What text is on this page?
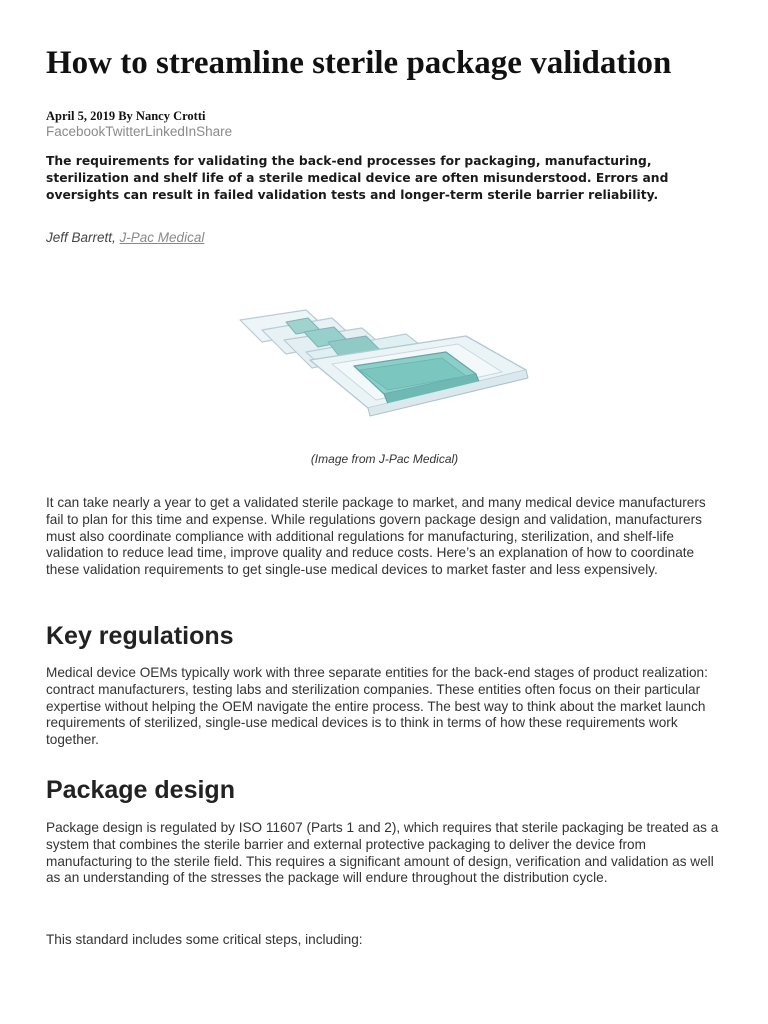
How to streamline sterile package validation
April 5, 2019 By Nancy Crotti
FacebookTwitterLinkedInShare

The requirements for validating the back-end processes for packaging, manufacturing, sterilization and shelf life of a sterile medical device are often misunderstood. Errors and oversights can result in failed validation tests and longer-term sterile barrier reliability.

Jeff Barrett, J-Pac Medical
(Image from J-Pac Medical)

It can take nearly a year to get a validated sterile package to market, and many medical device manufacturers fail to plan for this time and expense. While regulations govern package design and validation, manufacturers must also coordinate compliance with additional regulations for manufacturing, sterilization, and shelf-life validation to reduce lead time, improve quality and reduce costs. Here’s an explanation of how to coordinate these validation requirements to get single-use medical devices to market faster and less expensively.

Key regulations

Medical device OEMs typically work with three separate entities for the back-end stages of product realization: contract manufacturers, testing labs and sterilization companies. These entities often focus on their particular expertise without helping the OEM navigate the entire process. The best way to think about the market launch requirements of sterilized, single-use medical devices is to think in terms of how these requirements work together.

Package design

Package design is regulated by ISO 11607 (Parts 1 and 2), which requires that sterile packaging be treated as a system that combines the sterile barrier and external protective packaging to deliver the device from manufacturing to the sterile field. This requires a significant amount of design, verification and validation as well as an understanding of the stresses the package will endure throughout the distribution cycle.

This standard includes some critical steps, including:
